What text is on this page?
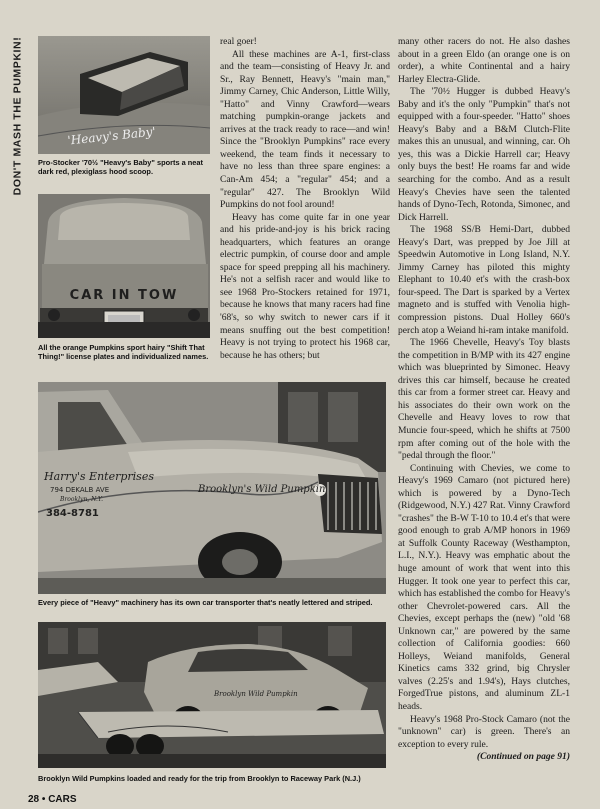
DON'T MASH THE PUMPKIN!	'Heavy's Baby'
Pro-Stocker '70½ "Heavy's Baby" sports a neat dark red, plexiglass hood scoop.
CAR IN TOW
All the orange Pumpkins sport hairy "Shift That Thing!" license plates and individualized names.
Harry's Enterprises
794 DEKALB AVE
Brooklyn, N.Y.
384-8781
Brooklyn's Wild Pumpkin
Every piece of "Heavy" machinery has its own car transporter that's neatly lettered and striped.
Brooklyn Wild Pumpkin
Brooklyn Wild Pumpkins loaded and ready for the trip from Brooklyn to Raceway Park (N.J.)

real goer!

All these machines are A-1, first-class and the team—consisting of Heavy Jr. and Sr., Ray Bennett, Heavy's "main man," Jimmy Carney, Chic Anderson, Little Willy, "Hatto" and Vinny Crawford—wears matching pumpkin-orange jackets and arrives at the track ready to race—and win! Since the "Brooklyn Pumpkins" race every weekend, the team finds it necessary to have no less than three spare engines: a Can-Am 454; a "regular" 454; and a "regular" 427. The Brooklyn Wild Pumpkins do not fool around!

Heavy has come quite far in one year and his pride-and-joy is his brick racing headquarters, which features an orange electric pumpkin, of course door and ample space for speed prepping all his machinery. He's not a selfish racer and would like to see 1968 Pro-Stockers retained for 1971, because he knows that many racers had fine '68's, so why switch to newer cars if it means snuffing out the best competition! Heavy is not trying to protect his 1968 car, because he has others; but

many other racers do not. He also dashes about in a green Eldo (an orange one is on order), a white Continental and a hairy Harley Electra-Glide.

The '70½ Hugger is dubbed Heavy's Baby and it's the only "Pumpkin" that's not equipped with a four-speeder. "Hatto" shoes Heavy's Baby and a B&M Clutch-Flite makes this an unusual, and winning, car. Oh yes, this was a Dickie Harrell car; Heavy only buys the best! He roams far and wide searching for the combo. And as a result Heavy's Chevies have seen the talented hands of Dyno-Tech, Rotonda, Simonec, and Dick Harrell.

The 1968 SS/B Hemi-Dart, dubbed Heavy's Dart, was prepped by Joe Jill at Speedwin Automotive in Long Island, N.Y. Jimmy Carney has piloted this mighty Elephant to 10.40 et's with the crash-box four-speed. The Dart is sparked by a Vertex magneto and is stuffed with Venolia high-compression pistons. Dual Holley 660's perch atop a Weiand hi-ram intake manifold.

The 1966 Chevelle, Heavy's Toy blasts the competition in B/MP with its 427 engine which was blueprinted by Simonec. Heavy drives this car himself, because he created this car from a former street car. Heavy and his associates do their own work on the Chevelle and Heavy loves to row that Muncie four-speed, which he shifts at 7500 rpm after coming out of the hole with the "pedal through the floor."

Continuing with Chevies, we come to Heavy's 1969 Camaro (not pictured here) which is powered by a Dyno-Tech (Ridgewood, N.Y.) 427 Rat. Vinny Crawford "crashes" the B-W T-10 to 10.4 et's that were good enough to grab A/MP honors in 1969 at Suffolk County Raceway (Westhampton, L.I., N.Y.). Heavy was emphatic about the huge amount of work that went into this Hugger. It took one year to perfect this car, which has established the combo for Heavy's other Chevrolet-powered cars. All the Chevies, except perhaps the (new) "old '68 Unknown car," are powered by the same collection of California goodies: 660 Holleys, Weiand manifolds, General Kinetics cams 332 grind, big Chrysler valves (2.25's and 1.94's), Hays clutches, ForgedTrue pistons, and aluminum ZL-1 heads.

Heavy's 1968 Pro-Stock Camaro (not the "unknown" car) is green. There's an exception to every rule.

(Continued on page 91)

28 • CARS
